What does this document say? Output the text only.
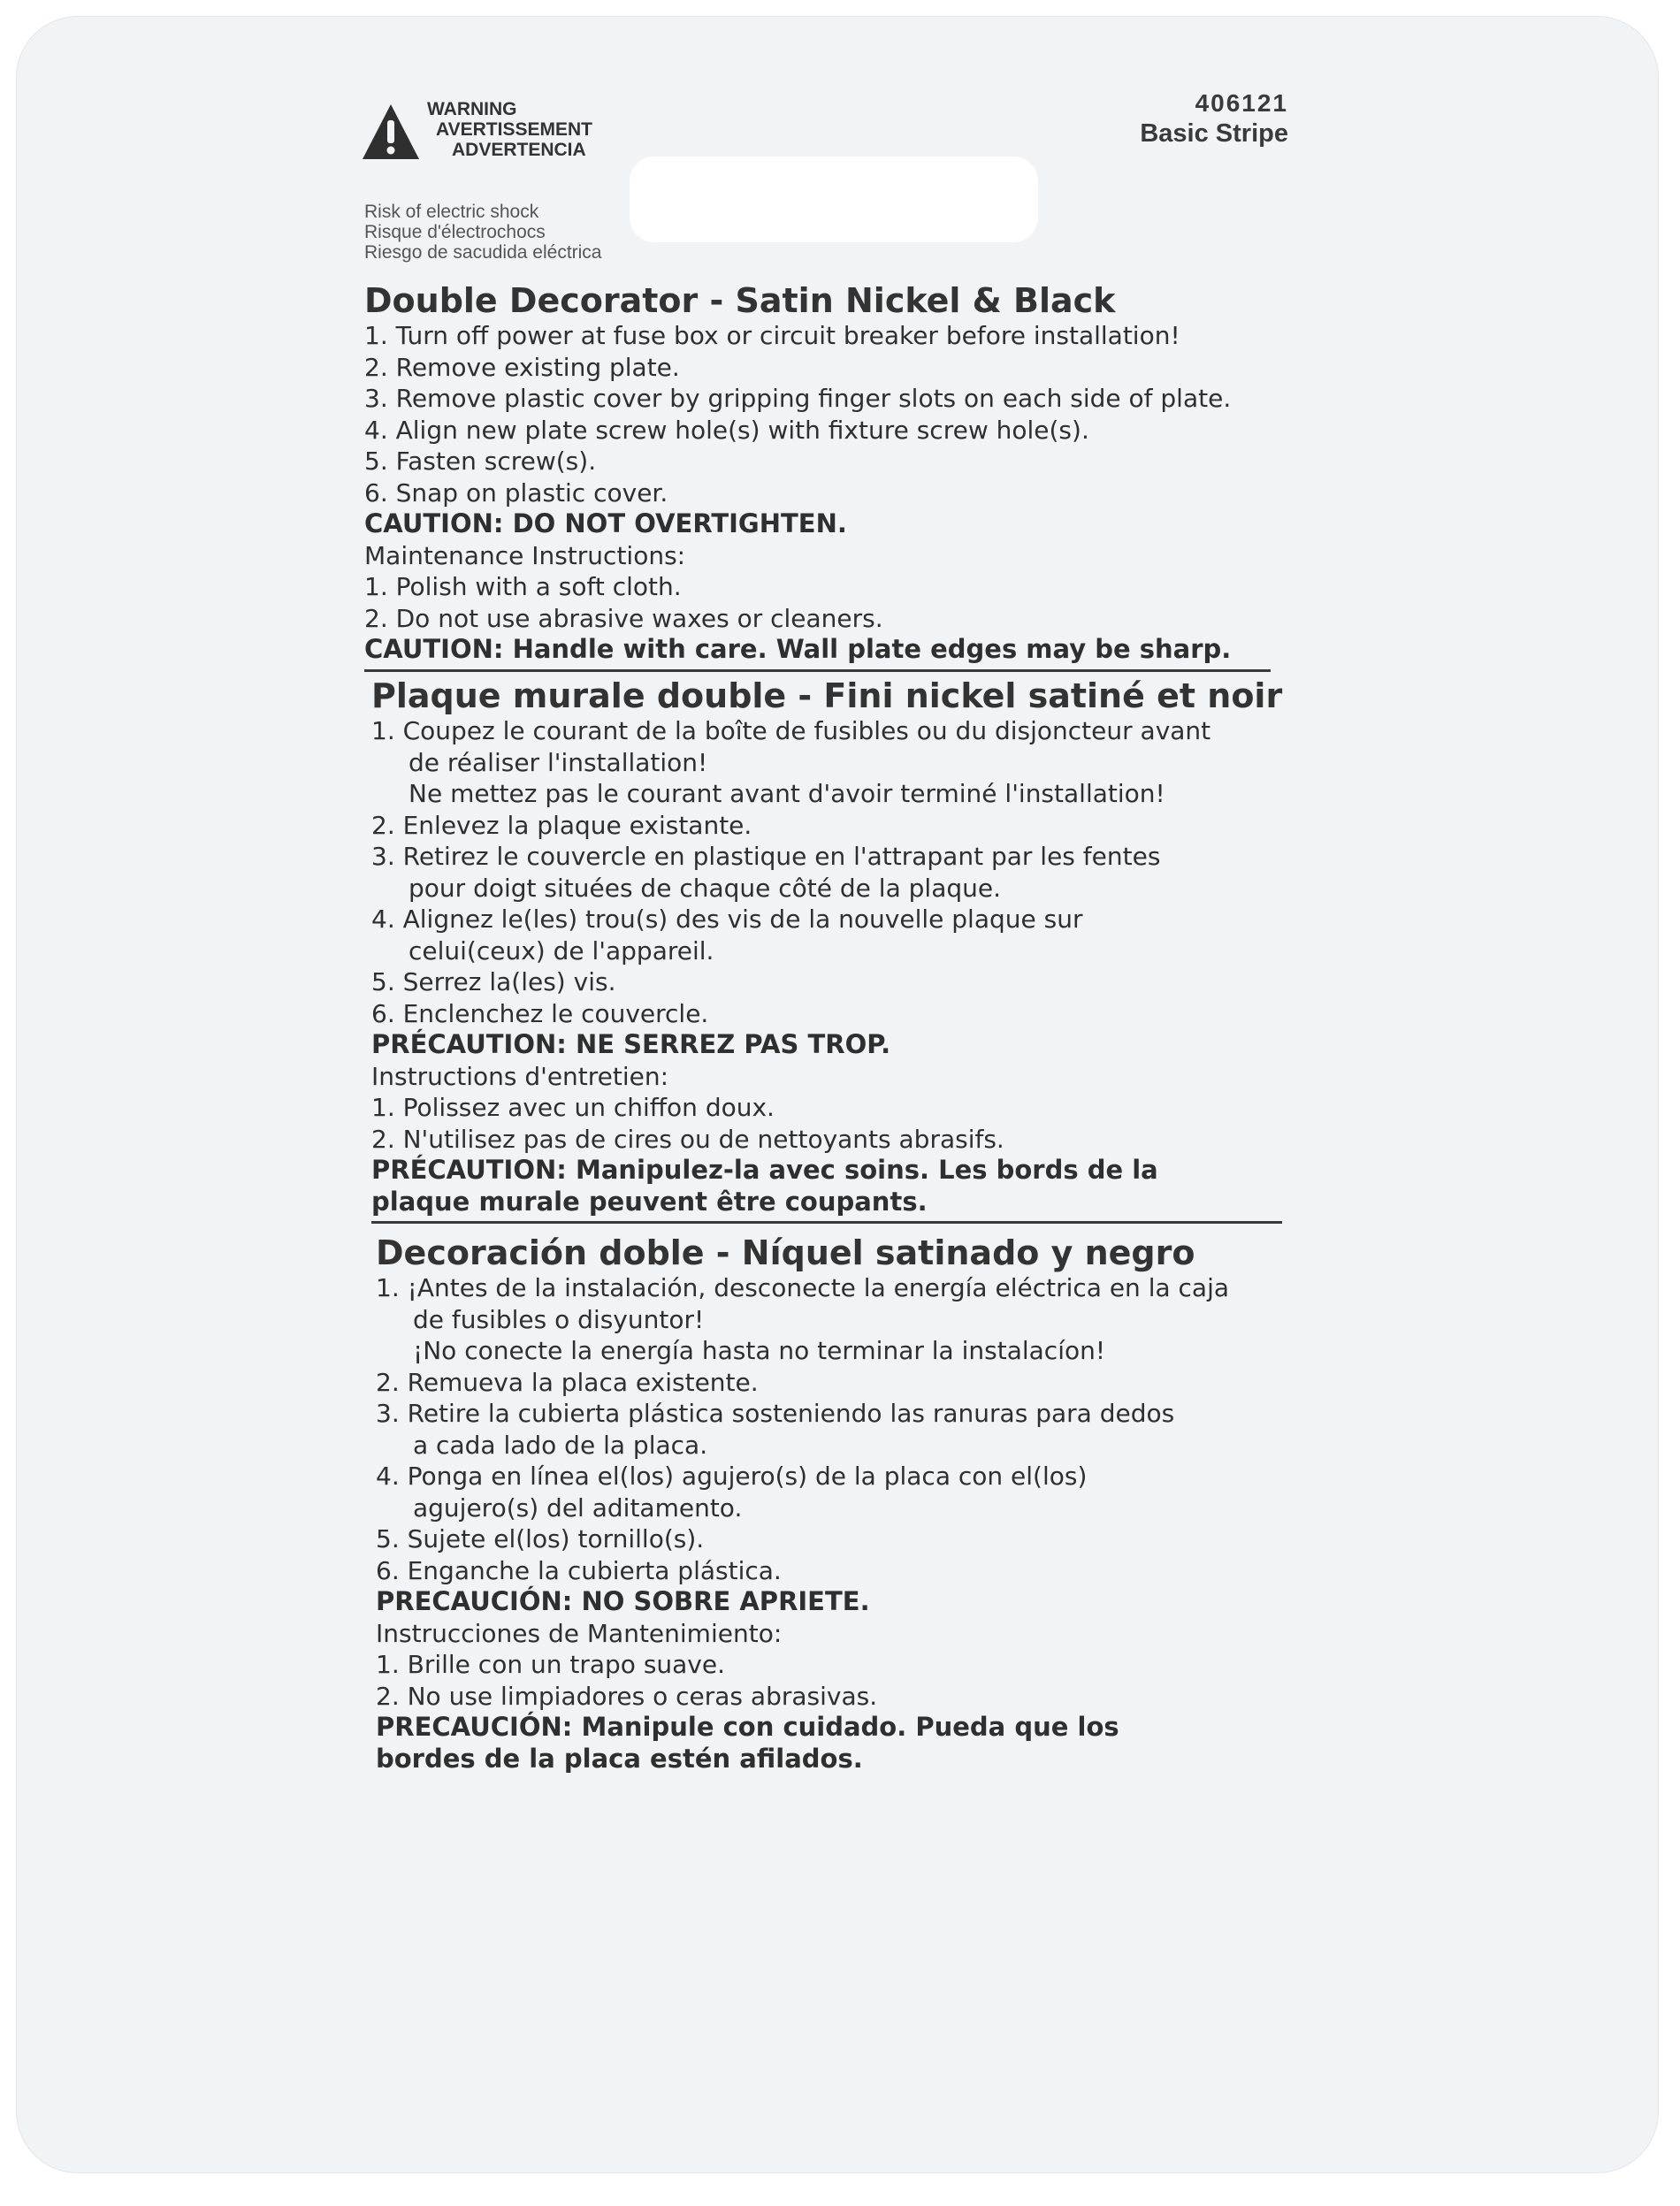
WARNING
AVERTISSEMENT
ADVERTENCIA
Risk of electric shock
Risque d'électrochocs
Riesgo de sacudida eléctrica
406121
Basic Stripe
Double Decorator - Satin Nickel & Black
1. Turn off power at fuse box or circuit breaker before installation!
2. Remove existing plate.
3. Remove plastic cover by gripping finger slots on each side of plate.
4. Align new plate screw hole(s) with fixture screw hole(s).
5. Fasten screw(s).
6. Snap on plastic cover.
CAUTION: DO NOT OVERTIGHTEN.
Maintenance Instructions:
1. Polish with a soft cloth.
2. Do not use abrasive waxes or cleaners.
CAUTION: Handle with care. Wall plate edges may be sharp.
Plaque murale double - Fini nickel satiné et noir
1. Coupez le courant de la boîte de fusibles ou du disjoncteur avant
de réaliser l'installation!
Ne mettez pas le courant avant d'avoir terminé l'installation!
2. Enlevez la plaque existante.
3. Retirez le couvercle en plastique en l'attrapant par les fentes
pour doigt situées de chaque côté de la plaque.
4. Alignez le(les) trou(s) des vis de la nouvelle plaque sur
celui(ceux) de l'appareil.
5. Serrez la(les) vis.
6. Enclenchez le couvercle.
PRÉCAUTION: NE SERREZ PAS TROP.
Instructions d'entretien:
1. Polissez avec un chiffon doux.
2. N'utilisez pas de cires ou de nettoyants abrasifs.
PRÉCAUTION: Manipulez-la avec soins. Les bords de la
plaque murale peuvent être coupants.
Decoración doble - Níquel satinado y negro
1. ¡Antes de la instalación, desconecte la energía eléctrica en la caja
de fusibles o disyuntor!
¡No conecte la energía hasta no terminar la instalacíon!
2. Remueva la placa existente.
3. Retire la cubierta plástica sosteniendo las ranuras para dedos
a cada lado de la placa.
4. Ponga en línea el(los) agujero(s) de la placa con el(los)
agujero(s) del aditamento.
5. Sujete el(los) tornillo(s).
6. Enganche la cubierta plástica.
PRECAUCIÓN: NO SOBRE APRIETE.
Instrucciones de Mantenimiento:
1. Brille con un trapo suave.
2. No use limpiadores o ceras abrasivas.
PRECAUCIÓN: Manipule con cuidado. Pueda que los
bordes de la placa estén afilados.
